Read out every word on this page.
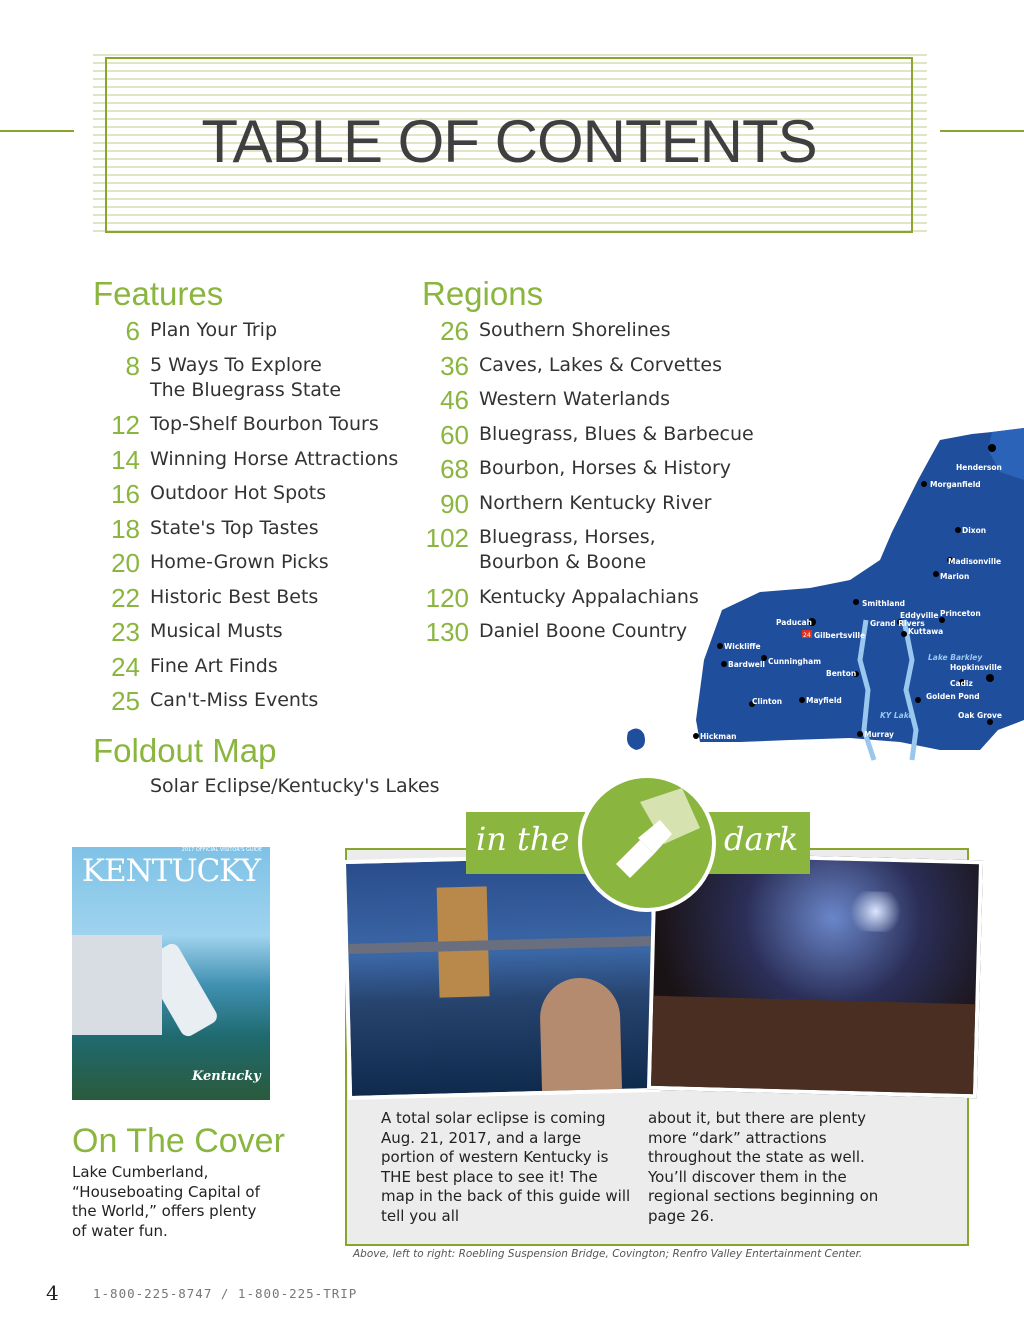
TABLE OF CONTENTS
Features
6 Plan Your Trip
8 5 Ways To Explore
The Bluegrass State
12 Top-Shelf Bourbon Tours
14 Winning Horse Attractions
16 Outdoor Hot Spots
18 State's Top Tastes
20 Home-Grown Picks
22 Historic Best Bets
23 Musical Musts
24 Fine Art Finds
25 Can't-Miss Events
Regions
26 Southern Shorelines
36 Caves, Lakes & Corvettes
46 Western Waterlands
60 Bluegrass, Blues & Barbecue
68 Bourbon, Horses & History
90 Northern Kentucky River
102 Bluegrass, Horses,
Bourbon & Boone
120 Kentucky Appalachians
130 Daniel Boone Country
Foldout Map
Solar Eclipse/Kentucky's Lakes
Henderson
Morganfield
Dixon
Madisonville
Marion
Smithland
Eddyville Princeton
Paducah
Gilbertsville
Grand Rivers
Kuttawa
Wickliffe
Bardwell Cunningham
Benton
Lake Barkley
Hopkinsville
Cadiz
Golden Pond
Clinton	Mayfield
KY Lake	Oak Grove
Hickman	Murray
24
2017 OFFICIAL VISITOR'S GUIDE
KENTUCKY
Kentucky
On The Cover
Lake Cumberland, “Houseboating Capital of the World,” offers plenty of water fun.
in the	dark
A total solar eclipse is coming Aug. 21, 2017, and a large portion of western Kentucky is THE best place to see it! The map in the back of this guide will tell you all
about it, but there are plenty more “dark” attractions throughout the state as well. You’ll discover them in the regional sections beginning on page 26.
Above, left to right: Roebling Suspension Bridge, Covington; Renfro Valley Entertainment Center.
4	1-800-225-8747 / 1-800-225-TRIP
